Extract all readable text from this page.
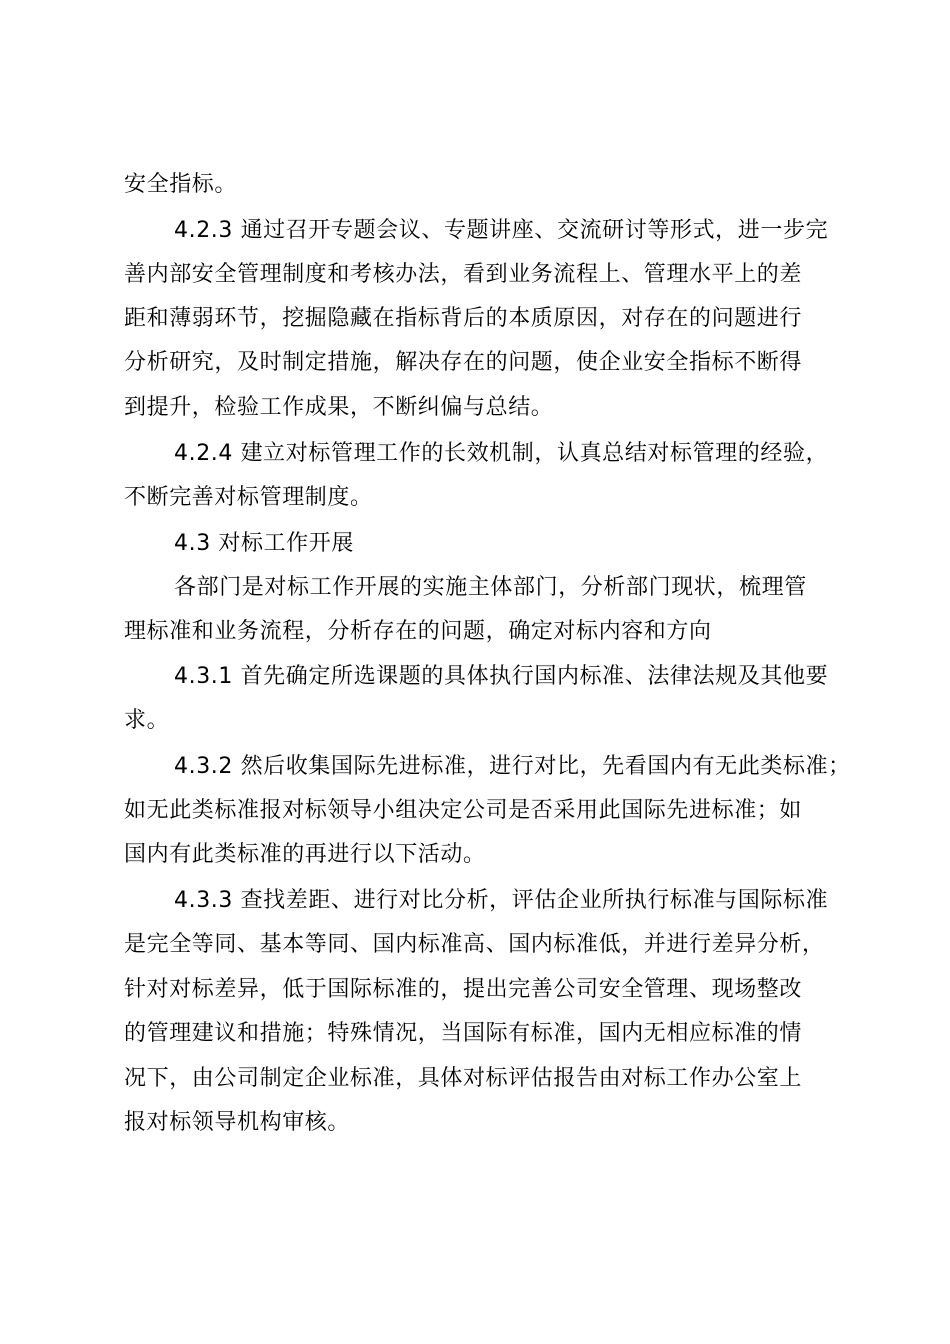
安全指标。
4.2.3 通过召开专题会议、专题讲座、交流研讨等形式，进一步完
善内部安全管理制度和考核办法，看到业务流程上、管理水平上的差
距和薄弱环节，挖掘隐藏在指标背后的本质原因，对存在的问题进行
分析研究，及时制定措施，解决存在的问题，使企业安全指标不断得
到提升，检验工作成果，不断纠偏与总结。
4.2.4 建立对标管理工作的长效机制，认真总结对标管理的经验，
不断完善对标管理制度。
4.3 对标工作开展
各部门是对标工作开展的实施主体部门，分析部门现状，梳理管
理标准和业务流程，分析存在的问题，确定对标内容和方向
4.3.1 首先确定所选课题的具体执行国内标准、法律法规及其他要
求。
4.3.2 然后收集国际先进标准，进行对比，先看国内有无此类标准；
如无此类标准报对标领导小组决定公司是否采用此国际先进标准；如
国内有此类标准的再进行以下活动。
4.3.3 查找差距、进行对比分析，评估企业所执行标准与国际标准
是完全等同、基本等同、国内标准高、国内标准低，并进行差异分析，
针对对标差异，低于国际标准的，提出完善公司安全管理、现场整改
的管理建议和措施；特殊情况，当国际有标准，国内无相应标准的情
况下，由公司制定企业标准，具体对标评估报告由对标工作办公室上
报对标领导机构审核。
